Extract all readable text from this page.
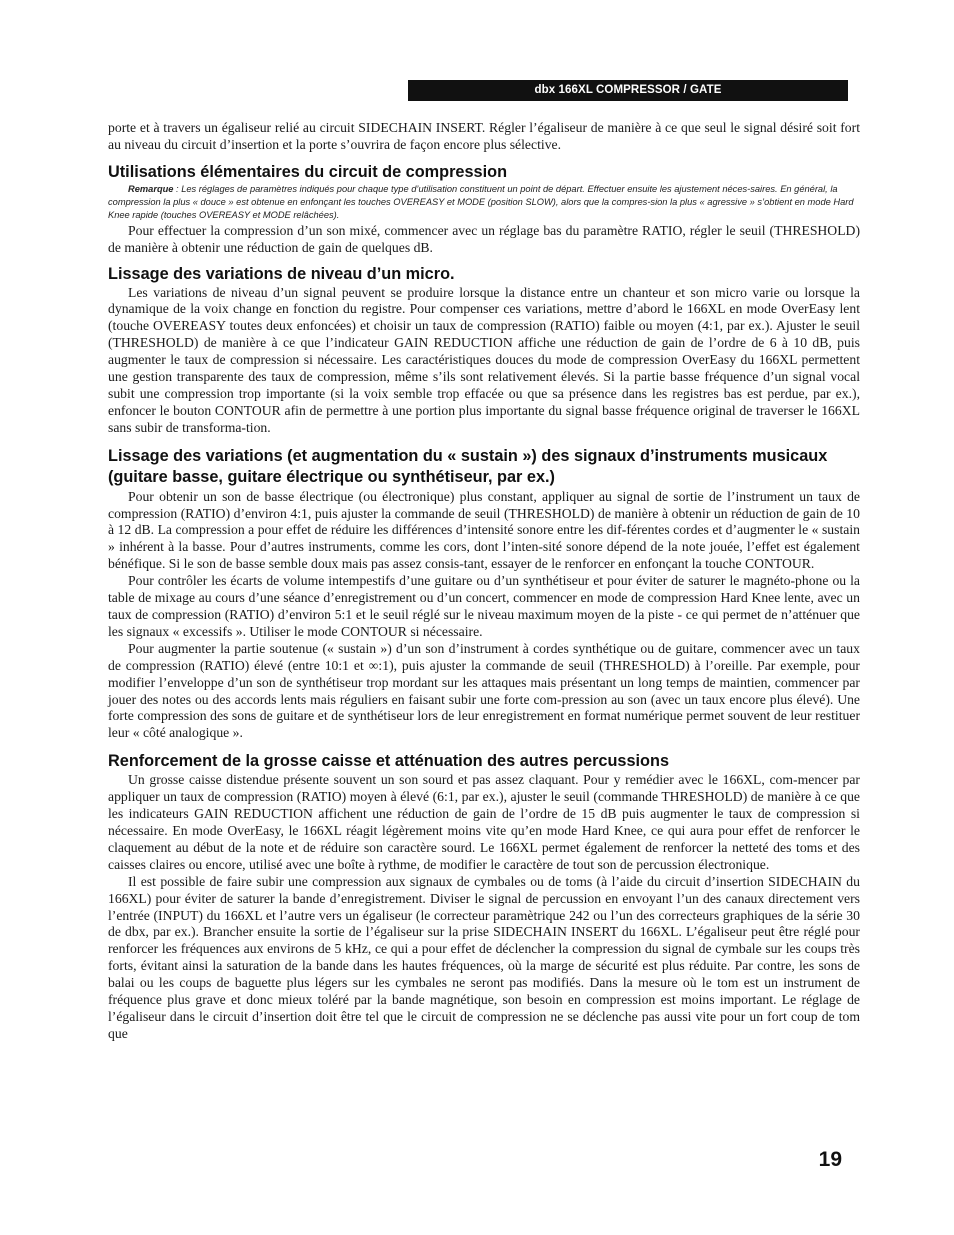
dbx 166XL COMPRESSOR / GATE

porte et à travers un égaliseur relié au circuit SIDECHAIN INSERT. Régler l’égaliseur de manière à ce que seul le signal désiré soit fort au niveau du circuit d’insertion et la porte s’ouvrira de façon encore plus sélective.

Utilisations élémentaires du circuit de compression

Remarque : Les réglages de paramètres indiqués pour chaque type d’utilisation constituent un point de départ. Effectuer ensuite les ajustement néces-saires. En général, la compression la plus « douce » est obtenue en enfonçant les touches OVEREASY et MODE (position SLOW), alors que la compres-sion la plus « agressive » s’obtient en mode Hard Knee rapide (touches OVEREASY et MODE relâchées).

Pour effectuer la compression d’un son mixé, commencer avec un réglage bas du paramètre RATIO, régler le seuil (THRESHOLD) de manière à obtenir une réduction de gain de quelques dB.

Lissage des variations de niveau d’un micro.

Les variations de niveau d’un signal peuvent se produire lorsque la distance entre un chanteur et son micro varie ou lorsque la dynamique de la voix change en fonction du registre. Pour compenser ces variations, mettre d’abord le 166XL en mode OverEasy lent (touche OVEREASY toutes deux enfoncées) et choisir un taux de compression (RATIO) faible ou moyen (4:1, par ex.). Ajuster le seuil (THRESHOLD) de manière à ce que l’indicateur GAIN REDUCTION affiche une réduction de gain de l’ordre de 6 à 10 dB, puis augmenter le taux de compression si nécessaire. Les caractéristiques douces du mode de compression OverEasy du 166XL permettent une gestion transparente des taux de compression, même s’ils sont relativement élevés. Si la partie basse fréquence d’un signal vocal subit une compression trop importante (si la voix semble trop effacée ou que sa présence dans les registres bas est perdue, par ex.), enfoncer le bouton CONTOUR afin de permettre à une portion plus importante du signal basse fréquence original de traverser le 166XL sans subir de transforma-tion.

Lissage des variations (et augmentation du « sustain ») des signaux d’instruments musicaux (guitare basse, guitare électrique ou synthétiseur, par ex.)

Pour obtenir un son de basse électrique (ou électronique) plus constant, appliquer au signal de sortie de l’instrument un taux de compression (RATIO) d’environ 4:1, puis ajuster la commande de seuil (THRESHOLD) de manière à obtenir un réduction de gain de 10 à 12 dB. La compression a pour effet de réduire les différences d’intensité sonore entre les dif-férentes cordes et d’augmenter le « sustain » inhérent à la basse. Pour d’autres instruments, comme les cors, dont l’inten-sité sonore dépend de la note jouée, l’effet est également bénéfique. Si le son de basse semble doux mais pas assez consis-tant, essayer de le renforcer en enfonçant la touche CONTOUR.

Pour contrôler les écarts de volume intempestifs d’une guitare ou d’un synthétiseur et pour éviter de saturer le magnéto-phone ou la table de mixage au cours d’une séance d’enregistrement ou d’un concert, commencer en mode de compression Hard Knee lente, avec un taux de compression (RATIO) d’environ 5:1 et le seuil réglé sur le niveau maximum moyen de la piste - ce qui permet de n’atténuer que les signaux « excessifs ». Utiliser le mode CONTOUR si nécessaire.

Pour augmenter la partie soutenue (« sustain ») d’un son d’instrument à cordes synthétique ou de guitare, commencer avec un taux de compression (RATIO) élevé (entre 10:1 et ∞:1), puis ajuster la commande de seuil (THRESHOLD) à l’oreille. Par exemple, pour modifier l’enveloppe d’un son de synthétiseur trop mordant sur les attaques mais présentant un long temps de maintien, commencer par jouer des notes ou des accords lents mais réguliers en faisant subir une forte com-pression au son (avec un taux encore plus élevé). Une forte compression des sons de guitare et de synthétiseur lors de leur enregistrement en format numérique permet souvent de leur restituer leur « côté analogique ».

Renforcement de la grosse caisse et atténuation des autres percussions

Un grosse caisse distendue présente souvent un son sourd et pas assez claquant. Pour y remédier avec le 166XL, com-mencer par appliquer un taux de compression (RATIO) moyen à élevé (6:1, par ex.), ajuster le seuil (commande THRESHOLD) de manière à ce que les indicateurs GAIN REDUCTION affichent une réduction de gain de l’ordre de 15 dB puis augmenter le taux de compression si nécessaire. En mode OverEasy, le 166XL réagit légèrement moins vite qu’en mode Hard Knee, ce qui aura pour effet de renforcer le claquement au début de la note et de réduire son caractère sourd. Le 166XL permet également de renforcer la netteté des toms et des caisses claires ou encore, utilisé avec une boîte à rythme, de modifier le caractère de tout son de percussion électronique.

Il est possible de faire subir une compression aux signaux de cymbales ou de toms (à l’aide du circuit d’insertion SIDECHAIN du 166XL) pour éviter de saturer la bande d’enregistrement. Diviser le signal de percussion en envoyant l’un des canaux directement vers l’entrée (INPUT) du 166XL et l’autre vers un égaliseur (le correcteur paramètrique 242 ou l’un des correcteurs graphiques de la série 30 de dbx, par ex.). Brancher ensuite la sortie de l’égaliseur sur la prise SIDECHAIN INSERT du 166XL. L’égaliseur peut être réglé pour renforcer les fréquences aux environs de 5 kHz, ce qui a pour effet de déclencher la compression du signal de cymbale sur les coups très forts, évitant ainsi la saturation de la bande dans les hautes fréquences, où la marge de sécurité est plus réduite. Par contre, les sons de balai ou les coups de baguette plus légers sur les cymbales ne seront pas modifiés. Dans la mesure où le tom est un instrument de fréquence plus grave et donc mieux toléré par la bande magnétique, son besoin en compression est moins important. Le réglage de l’égaliseur dans le circuit d’insertion doit être tel que le circuit de compression ne se déclenche pas aussi vite pour un fort coup de tom que

19
